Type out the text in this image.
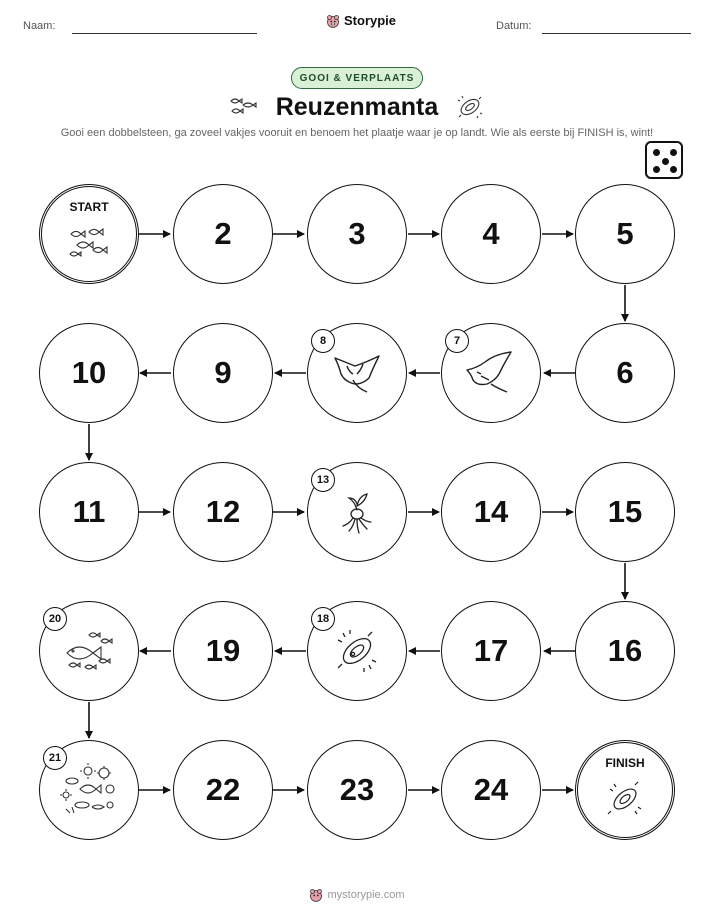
Naam:	Storypie	Datum:
GOOI & VERPLAATS
Reuzenmanta
Gooi een dobbelsteen, ga zoveel vakjes vooruit en benoem het plaatje waar je op landt. Wie als eerste bij FINISH is, wint!
START
2	3	4	5
10	9
8	7
6
11	12
13
14	15
20
19
18
17	16
21
22	23	24
FINISH
mystorypie.com
